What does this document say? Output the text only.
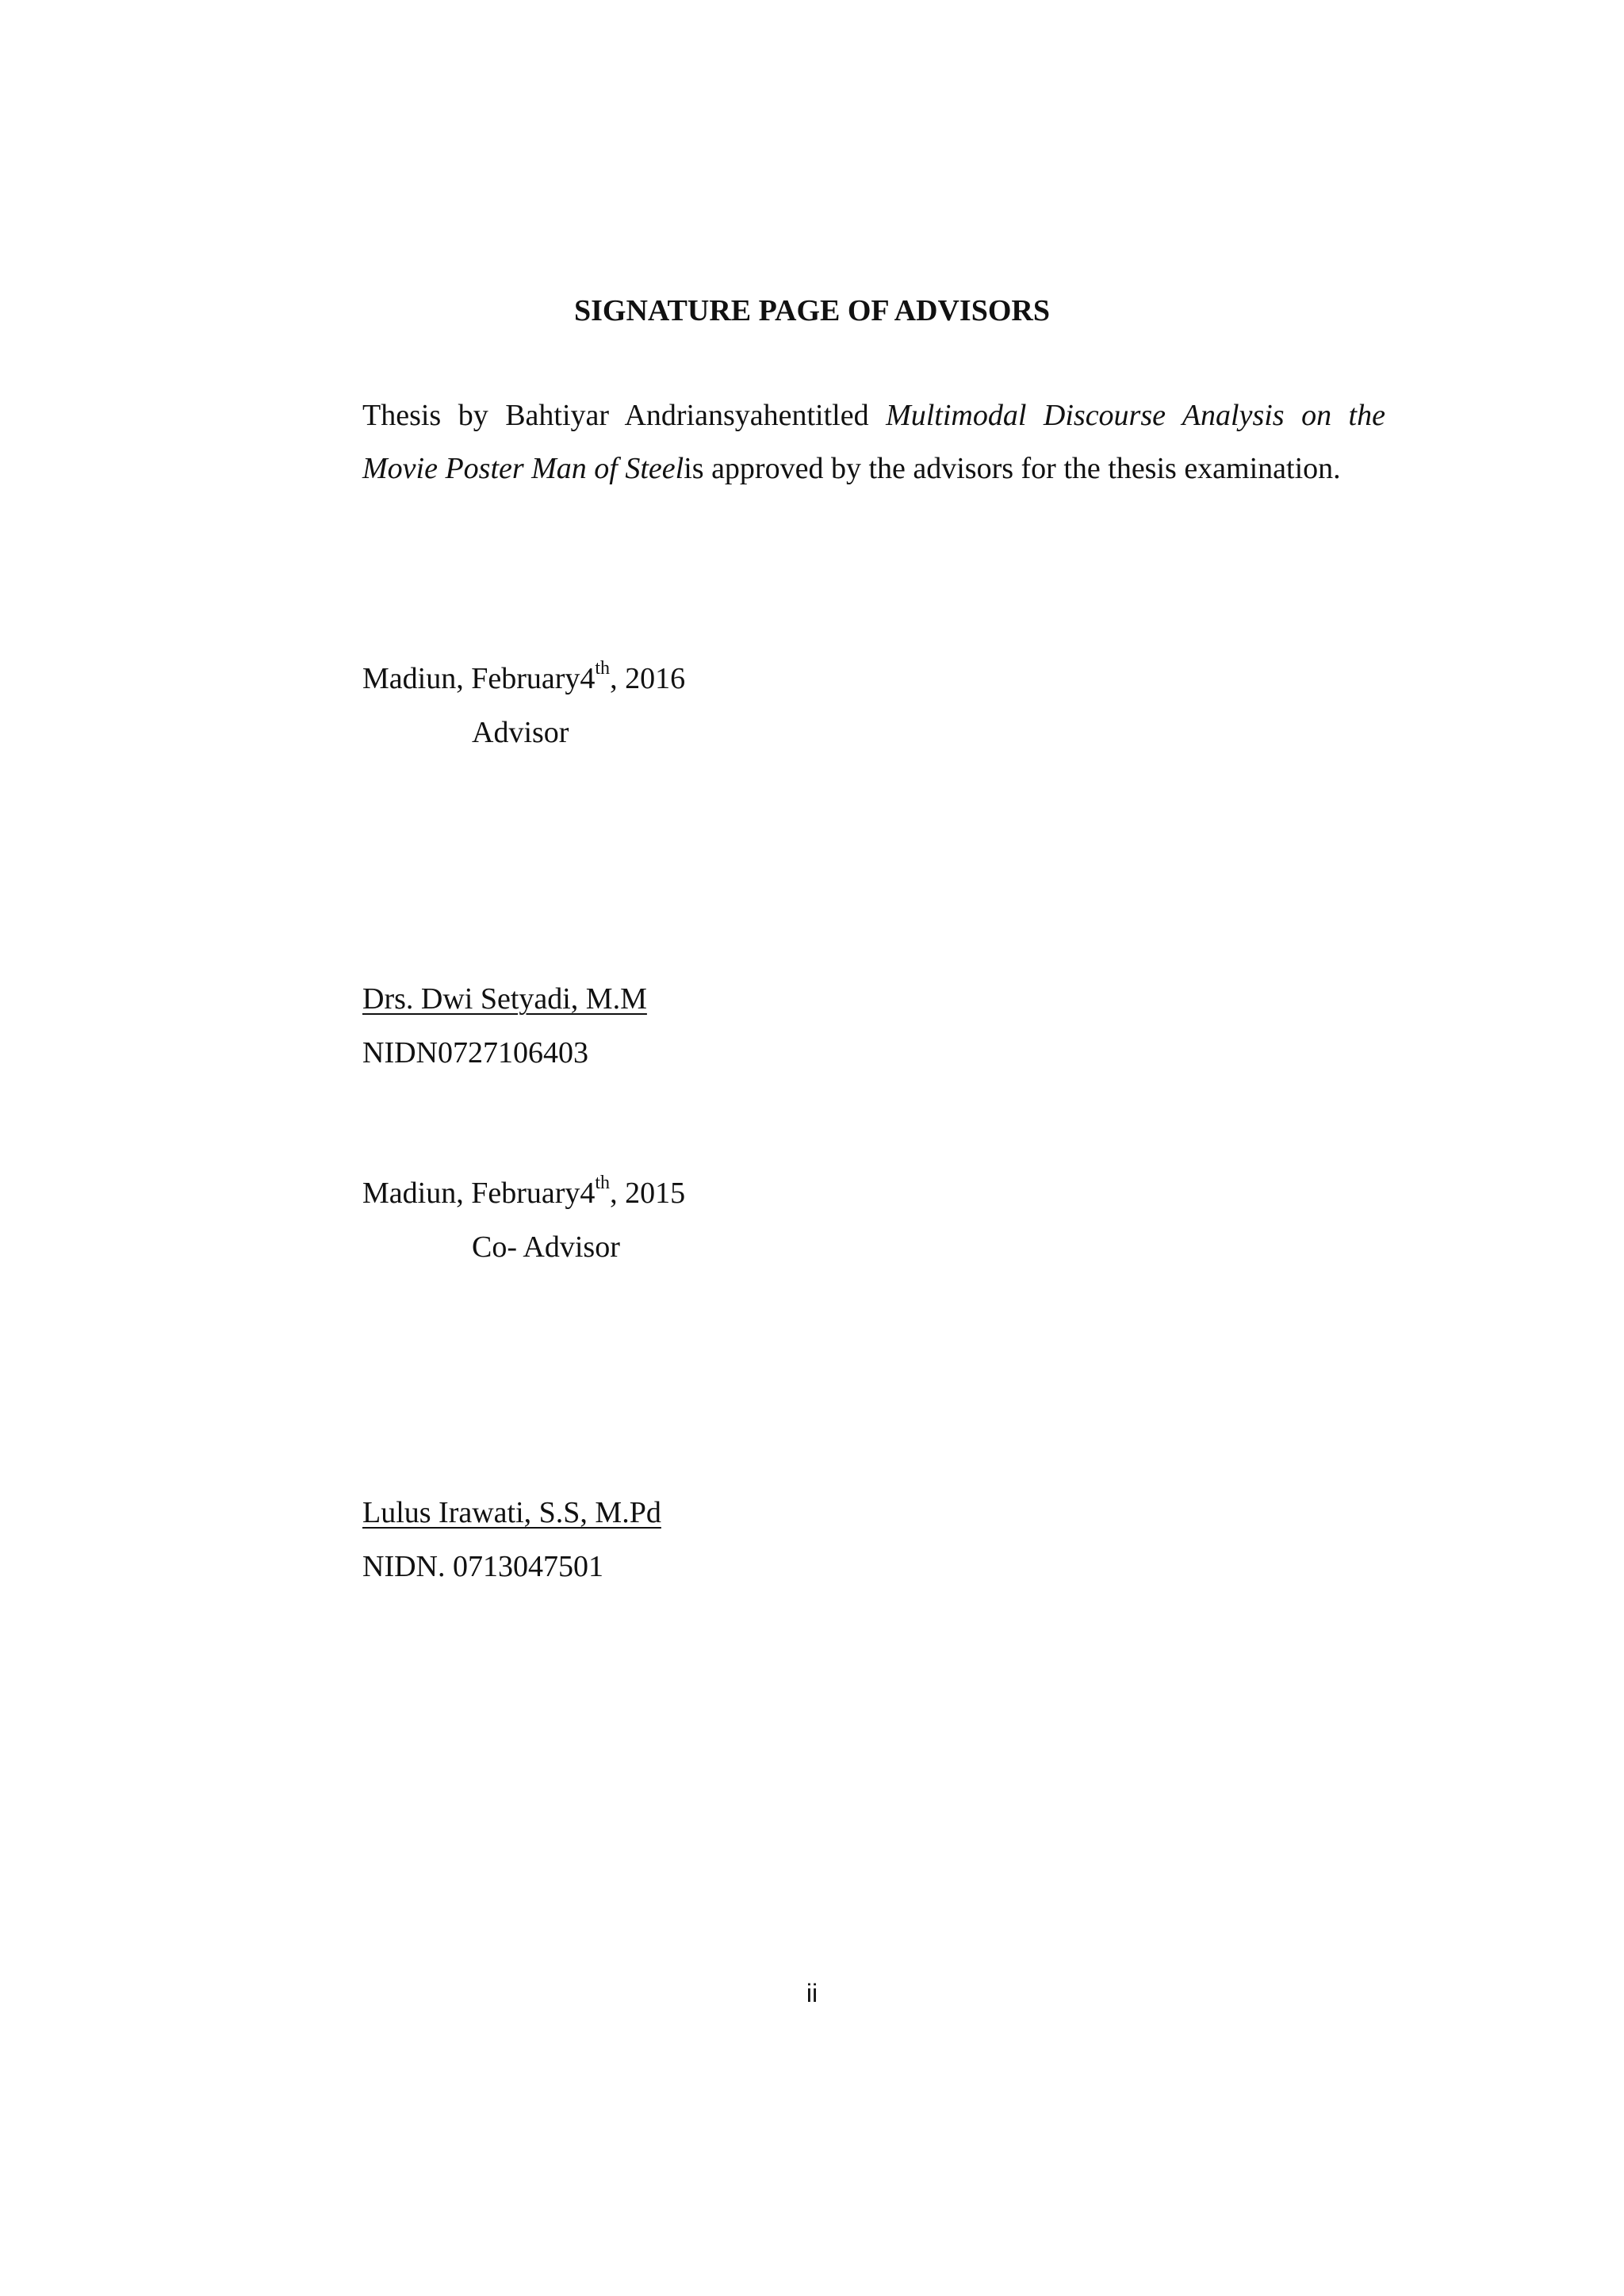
SIGNATURE PAGE OF ADVISORS
Thesis by Bahtiyar Andriansyahentitled Multimodal Discourse Analysis on the
Movie Poster Man of Steelis approved by the advisors for the thesis examination.
Madiun, February4th, 2016
Advisor
Drs. Dwi Setyadi, M.M
NIDN0727106403
Madiun, February4th, 2015
Co- Advisor
Lulus Irawati, S.S, M.Pd
NIDN. 0713047501
ii
